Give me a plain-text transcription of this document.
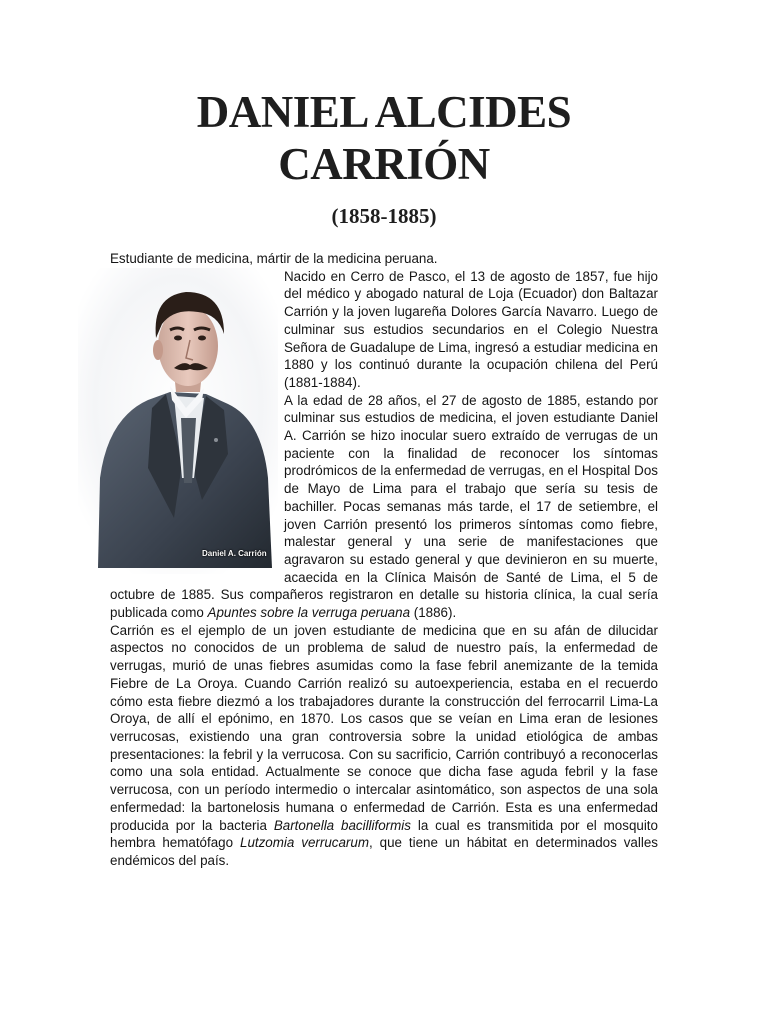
DANIEL ALCIDES
CARRIÓN
(1858-1885)

Estudiante de medicina, mártir de la medicina peruana.

Daniel A. Carrión

Nacido en Cerro de Pasco, el 13 de agosto de 1857, fue hijo del médico y abogado natural de Loja (Ecuador) don Baltazar Carrión y la joven lugareña Dolores García Navarro. Luego de culminar sus estudios secundarios en el Colegio Nuestra Señora de Guadalupe de Lima, ingresó a estudiar medicina en 1880 y los continuó durante la ocupación chilena del Perú (1881-1884).

A la edad de 28 años, el 27 de agosto de 1885, estando por culminar sus estudios de medicina, el joven estudiante Daniel A. Carrión se hizo inocular suero extraído de verrugas de un paciente con la finalidad de reconocer los síntomas prodrómicos de la enfermedad de verrugas, en el Hospital Dos de Mayo de Lima para el trabajo que sería su tesis de bachiller. Pocas semanas más tarde, el 17 de setiembre, el joven Carrión presentó los primeros síntomas como fiebre, malestar general y una serie de manifestaciones que agravaron su estado general y que devinieron en su muerte, acaecida en la Clínica Maisón de Santé de Lima, el 5 de octubre de 1885. Sus compañeros registraron en detalle su historia clínica, la cual sería publicada como Apuntes sobre la verruga peruana (1886).

Carrión es el ejemplo de un joven estudiante de medicina que en su afán de dilucidar aspectos no conocidos de un problema de salud de nuestro país, la enfermedad de verrugas, murió de unas fiebres asumidas como la fase febril anemizante de la temida Fiebre de La Oroya. Cuando Carrión realizó su autoexperiencia, estaba en el recuerdo cómo esta fiebre diezmó a los trabajadores durante la construcción del ferrocarril Lima-La Oroya, de allí el epónimo, en 1870. Los casos que se veían en Lima eran de lesiones verrucosas, existiendo una gran controversia sobre la unidad etiológica de ambas presentaciones: la febril y la verrucosa. Con su sacrificio, Carrión contribuyó a reconocerlas como una sola entidad. Actualmente se conoce que dicha fase aguda febril y la fase verrucosa, con un período intermedio o intercalar asintomático, son aspectos de una sola enfermedad: la bartonelosis humana o enfermedad de Carrión. Esta es una enfermedad producida por la bacteria Bartonella bacilliformis la cual es transmitida por el mosquito hembra hematófago Lutzomia verrucarum, que tiene un hábitat en determinados valles endémicos del país.
